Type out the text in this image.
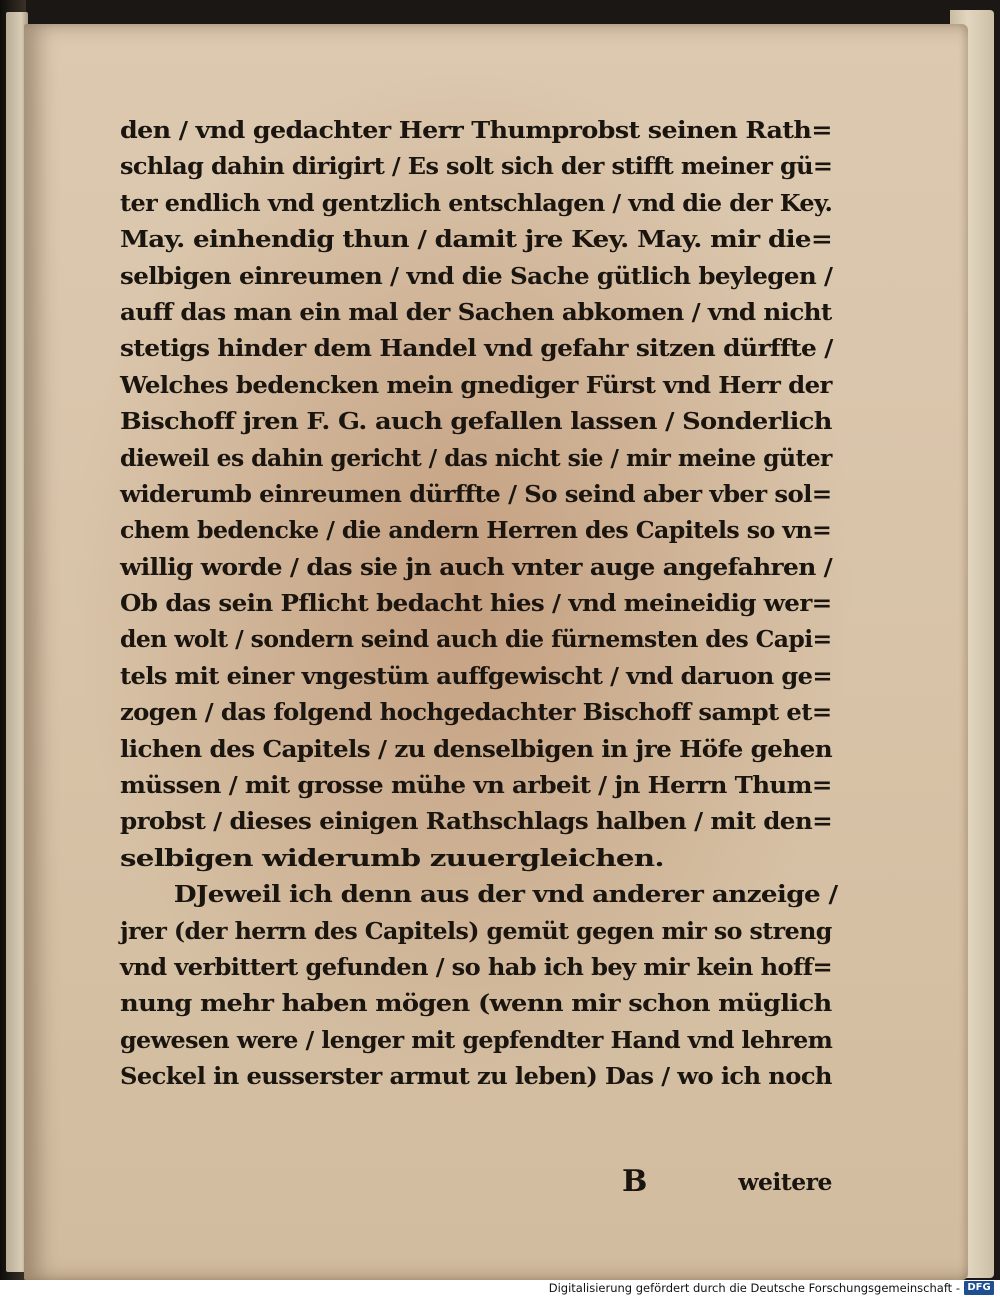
den / vnd gedachter Herr Thumprobst seinen Rath=
schlag dahin dirigirt / Es solt sich der stifft meiner gü=
ter endlich vnd gentzlich entschlagen / vnd die der Key.
May. einhendig thun / damit jre Key. May. mir die=
selbigen einreumen / vnd die Sache gütlich beylegen /
auff das man ein mal der Sachen abkomen / vnd nicht
stetigs hinder dem Handel vnd gefahr sitzen dürffte /
Welches bedencken mein gnediger Fürst vnd Herr der
Bischoff jren F. G. auch gefallen lassen / Sonderlich
dieweil es dahin gericht / das nicht sie / mir meine güter
widerumb einreumen dürffte / So seind aber vber sol=
chem bedencke / die andern Herren des Capitels so vn=
willig worde / das sie jn auch vnter auge angefahren /
Ob das sein Pflicht bedacht hies / vnd meineidig wer=
den wolt / sondern seind auch die fürnemsten des Capi=
tels mit einer vngestüm auffgewischt / vnd daruon ge=
zogen / das folgend hochgedachter Bischoff sampt et=
lichen des Capitels / zu denselbigen in jre Höfe gehen
müssen / mit grosse mühe vn arbeit / jn Herrn Thum=
probst / dieses einigen Rathschlags halben / mit den=
selbigen widerumb zuuergleichen.
DJeweil ich denn aus der vnd anderer anzeige /
jrer (der herrn des Capitels) gemüt gegen mir so streng
vnd verbittert gefunden / so hab ich bey mir kein hoff=
nung mehr haben mögen (wenn mir schon müglich
gewesen were / lenger mit gepfendter Hand vnd lehrem
Seckel in eusserster armut zu leben) Das / wo ich noch
B	weitere
Digitalisierung gefördert durch die Deutsche Forschungsgemeinschaft - DFG
